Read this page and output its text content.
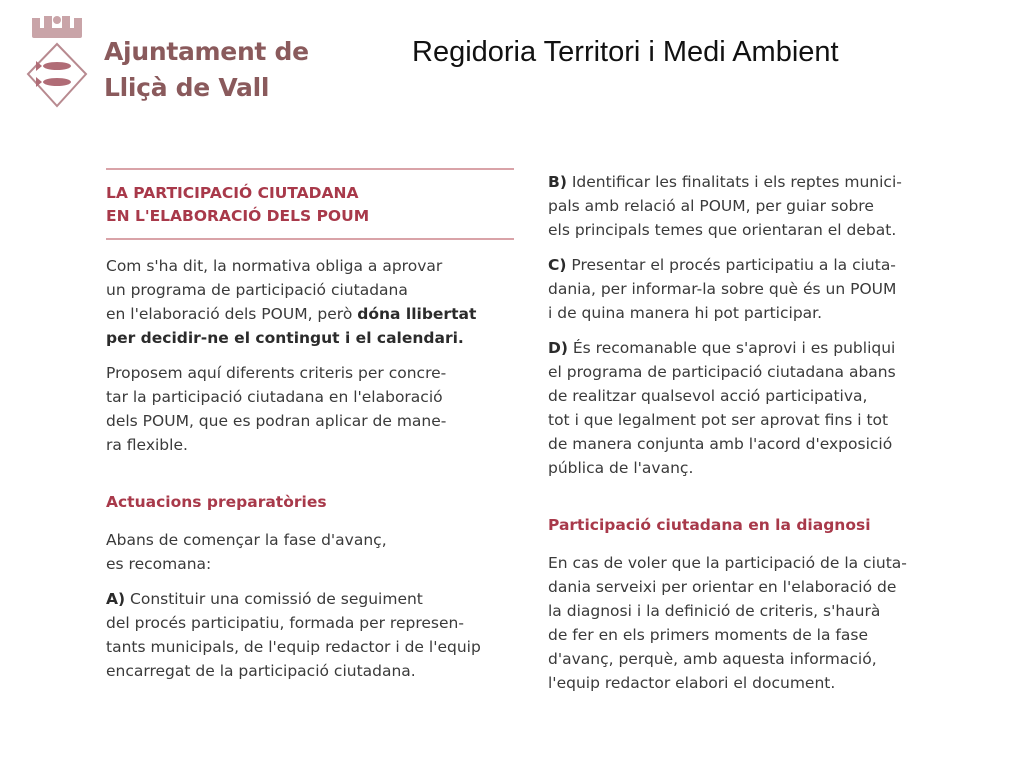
Ajuntament de
Lliçà de Vall
Regidoria Territori i Medi Ambient
LA PARTICIPACIÓ CIUTADANA
EN L'ELABORACIÓ DELS POUM

Com s'ha dit, la normativa obliga a aprovar
un programa de participació ciutadana
en l'elaboració dels POUM, però dóna llibertat
per decidir-ne el contingut i el calendari.

Proposem aquí diferents criteris per concre-
tar la participació ciutadana en l'elaboració
dels POUM, que es podran aplicar de mane-
ra flexible.

Actuacions preparatòries

Abans de començar la fase d'avanç,
es recomana:

A) Constituir una comissió de seguiment
del procés participatiu, formada per represen-
tants municipals, de l'equip redactor i de l'equip
encarregat de la participació ciutadana.

B) Identificar les finalitats i els reptes munici-
pals amb relació al POUM, per guiar sobre
els principals temes que orientaran el debat.

C) Presentar el procés participatiu a la ciuta-
dania, per informar-la sobre què és un POUM
i de quina manera hi pot participar.

D) És recomanable que s'aprovi i es publiqui
el programa de participació ciutadana abans
de realitzar qualsevol acció participativa,
tot i que legalment pot ser aprovat fins i tot
de manera conjunta amb l'acord d'exposició
pública de l'avanç.

Participació ciutadana en la diagnosi

En cas de voler que la participació de la ciuta-
dania serveixi per orientar en l'elaboració de
la diagnosi i la definició de criteris, s'haurà
de fer en els primers moments de la fase
d'avanç, perquè, amb aquesta informació,
l'equip redactor elabori el document.
